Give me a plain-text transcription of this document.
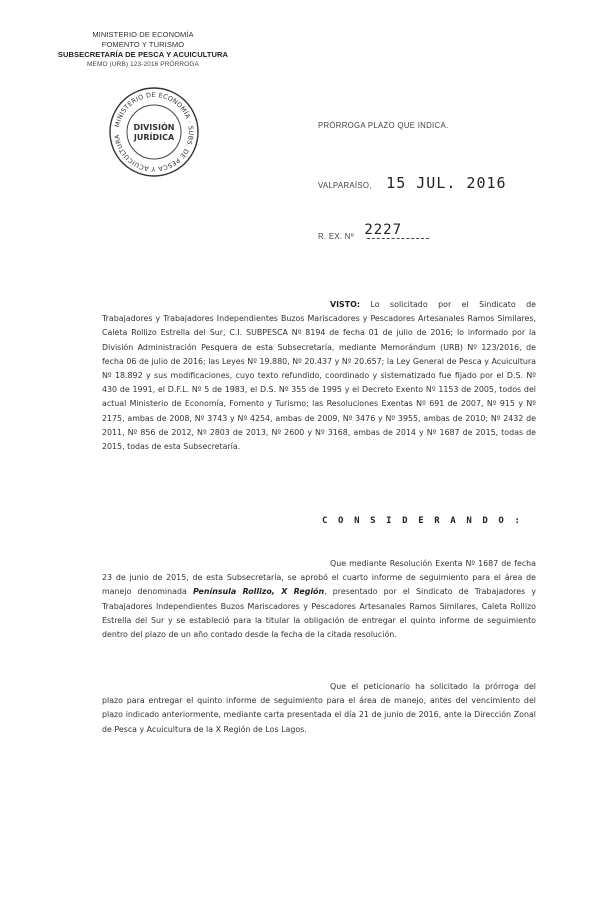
MINISTERIO DE ECONOMÍA
FOMENTO Y TURISMO
SUBSECRETARÍA DE PESCA Y ACUICULTURA
MEMO (URB) 123-2016 PRÓRROGA
MINISTERIO DE ECONOMÍA · SUBS. DE PESCA Y ACUICULTURA
DIVISIÓN
JURÍDICA
PRÓRROGA PLAZO QUE INDICA.
VALPARAÍSO, 15 JUL. 2016
R. EX. Nº 2227
VISTO: Lo solicitado por el Sindicato de Trabajadores y Trabajadores Independientes Buzos Mariscadores y Pescadores Artesanales Ramos Similares, Caleta Rollizo Estrella del Sur, C.I. SUBPESCA Nº 8194 de fecha 01 de julio de 2016; lo informado por la División Administración Pesquera de esta Subsecretaría, mediante Memorándum (URB) Nº 123/2016, de fecha 06 de julio de 2016; las Leyes Nº 19.880, Nº 20.437 y Nº 20.657; la Ley General de Pesca y Acuicultura Nº 18.892 y sus modificaciones, cuyo texto refundido, coordinado y sistematizado fue fijado por el D.S. Nº 430 de 1991, el D.F.L. Nº 5 de 1983, el D.S. Nº 355 de 1995 y el Decreto Exento Nº 1153 de 2005, todos del actual Ministerio de Economía, Fomento y Turismo; las Resoluciones Exentas Nº 691 de 2007, Nº 915 y Nº 2175, ambas de 2008, Nº 3743 y Nº 4254, ambas de 2009, Nº 3476 y Nº 3955, ambas de 2010; Nº 2432 de 2011, Nº 856 de 2012, Nº 2803 de 2013, Nº 2600 y Nº 3168, ambas de 2014 y Nº 1687 de 2015, todas de 2015, todas de esta Subsecretaría.
C O N S I D E R A N D O :
Que mediante Resolución Exenta Nº 1687 de fecha 23 de junio de 2015, de esta Subsecretaría, se aprobó el cuarto informe de seguimiento para el área de manejo denominada Península Rollizo, X Región, presentado por el Sindicato de Trabajadores y Trabajadores Independientes Buzos Mariscadores y Pescadores Artesanales Ramos Similares, Caleta Rollizo Estrella del Sur y se estableció para la titular la obligación de entregar el quinto informe de seguimiento dentro del plazo de un año contado desde la fecha de la citada resolución.
Que el peticionario ha solicitado la prórroga del plazo para entregar el quinto informe de seguimiento para el área de manejo, antes del vencimiento del plazo indicado anteriormente, mediante carta presentada el día 21 de junio de 2016, ante la Dirección Zonal de Pesca y Acuicultura de la X Región de Los Lagos.
